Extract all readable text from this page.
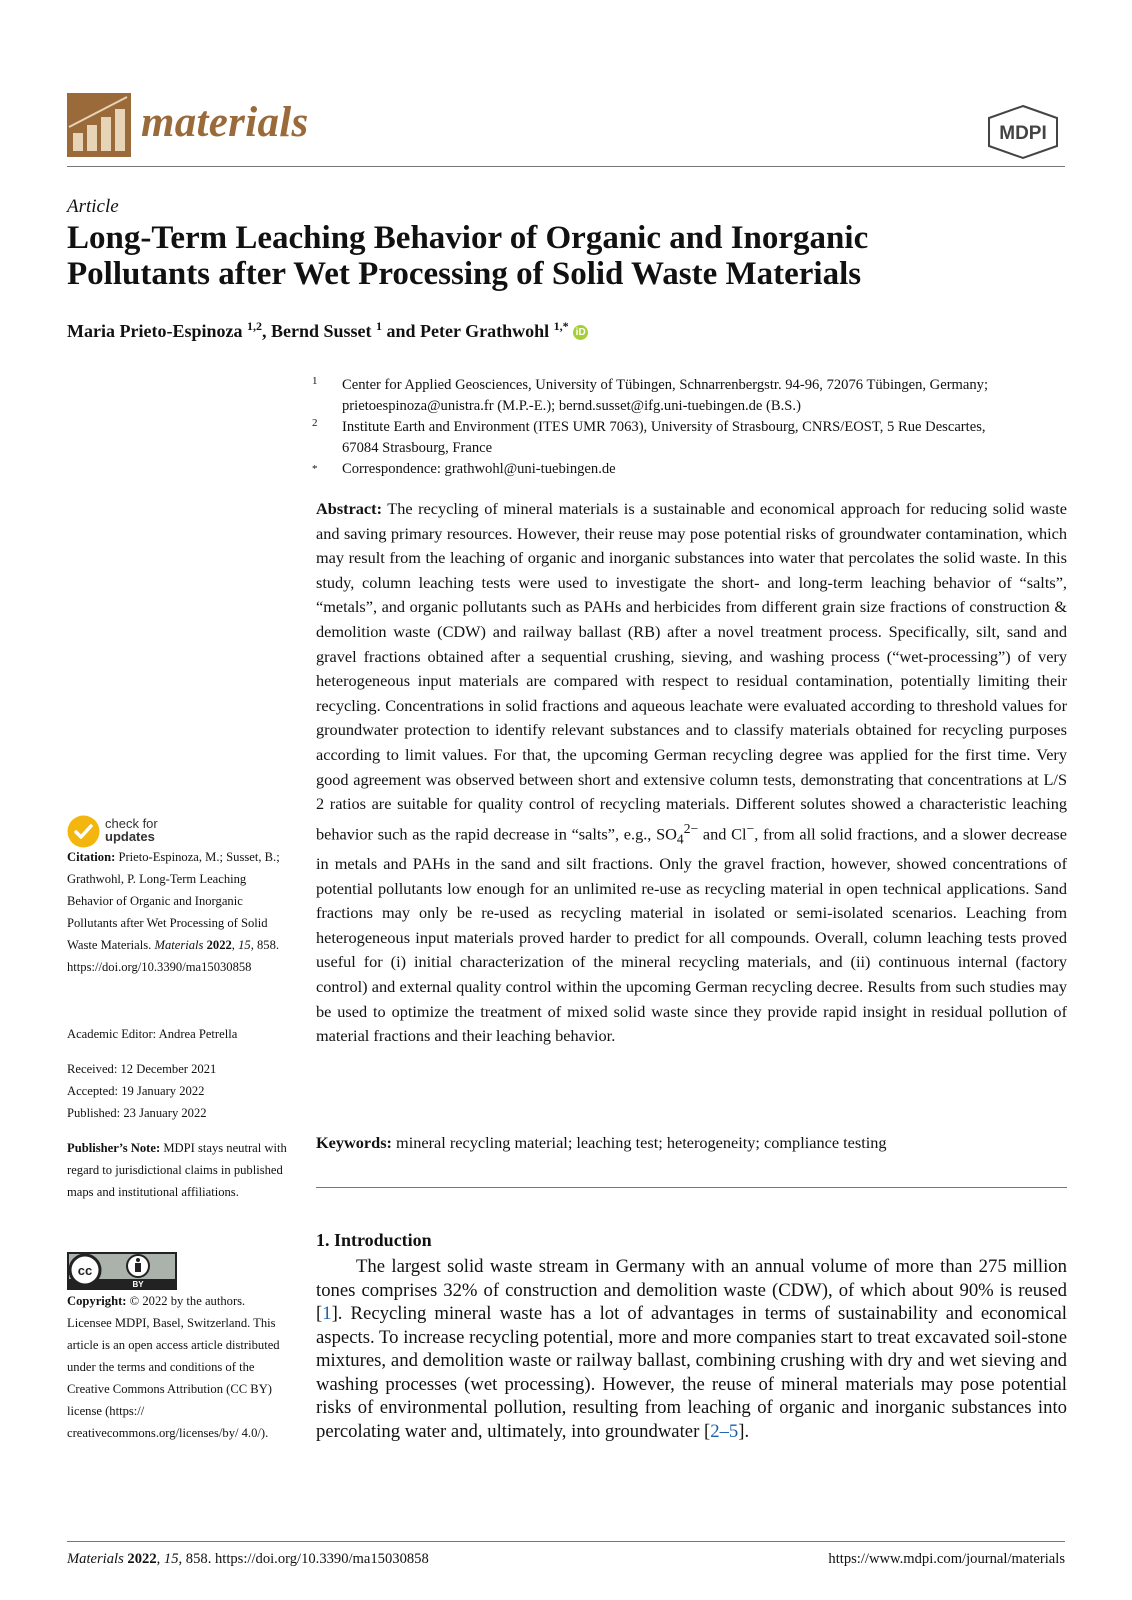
materials	MDPI
Article
Long-Term Leaching Behavior of Organic and Inorganic
Pollutants after Wet Processing of Solid Waste Materials
Maria Prieto-Espinoza $^{1,2}$, Bernd Susset $^1$ and Peter Grathwohl $^{1,*}$ iD
1 Center for Applied Geosciences, University of Tübingen, Schnarrenbergstr. 94-96, 72076 Tübingen, Germany;
prietoespinoza@unistra.fr (M.P.-E.); bernd.susset@ifg.uni-tuebingen.de (B.S.)
2 Institute Earth and Environment (ITES UMR 7063), University of Strasbourg, CNRS/EOST, 5 Rue Descartes,
67084 Strasbourg, France
* Correspondence: grathwohl@uni-tuebingen.de
Abstract: The recycling of mineral materials is a sustainable and economical approach for reducing solid waste and saving primary resources. However, their reuse may pose potential risks of groundwater contamination, which may result from the leaching of organic and inorganic substances into water that percolates the solid waste. In this study, column leaching tests were used to investigate the short- and long-term leaching behavior of “salts”, “metals”, and organic pollutants such as PAHs and herbicides from different grain size fractions of construction & demolition waste (CDW) and railway ballast (RB) after a novel treatment process. Specifically, silt, sand and gravel fractions obtained after a sequential crushing, sieving, and washing process (“wet-processing”) of very heterogeneous input materials are compared with respect to residual contamination, potentially limiting their recycling. Concentrations in solid fractions and aqueous leachate were evaluated according to threshold values for groundwater protection to identify relevant substances and to classify materials obtained for recycling purposes according to limit values. For that, the upcoming German recycling degree was applied for the first time. Very good agreement was observed between short and extensive column tests, demonstrating that concentrations at L/S 2 ratios are suitable for quality control of recycling materials. Different solutes showed a characteristic leaching behavior such as the rapid decrease in “salts”, e.g., $SO_4^{2-}$ and Cl−, from all solid fractions, and a slower decrease in metals and PAHs in the sand and silt fractions. Only the gravel fraction, however, showed concentrations of potential pollutants low enough for an unlimited re-use as recycling material in open technical applications. Sand fractions may only be re-used as recycling material in isolated or semi-isolated scenarios. Leaching from heterogeneous input materials proved harder to predict for all compounds. Overall, column leaching tests proved useful for (i) initial characterization of the mineral recycling materials, and (ii) continuous internal (factory control) and external quality control within the upcoming German recycling decree. Results from such studies may be used to optimize the treatment of mixed solid waste since they provide rapid insight in residual pollution of material fractions and their leaching behavior.
Keywords: mineral recycling material; leaching test; heterogeneity; compliance testing
1. Introduction
The largest solid waste stream in Germany with an annual volume of more than 275 million tones comprises 32% of construction and demolition waste (CDW), of which about 90% is reused [1]. Recycling mineral waste has a lot of advantages in terms of sustainability and economical aspects. To increase recycling potential, more and more companies start to treat excavated soil-stone mixtures, and demolition waste or railway ballast, combining crushing with dry and wet sieving and washing processes (wet processing). However, the reuse of mineral materials may pose potential risks of environmental pollution, resulting from leaching of organic and inorganic substances into percolating water and, ultimately, into groundwater [2–5].
check for
updates
Citation: Prieto-Espinoza, M.; Susset, B.; Grathwohl, P. Long-Term Leaching Behavior of Organic and Inorganic Pollutants after Wet Processing of Solid Waste Materials. Materials 2022, 15, 858. https://doi.org/10.3390/ma15030858
Academic Editor: Andrea Petrella
Received: 12 December 2021
Accepted: 19 January 2022
Published: 23 January 2022
Publisher’s Note: MDPI stays neutral with regard to jurisdictional claims in published maps and institutional affiliations.
cc
BY
Copyright: © 2022 by the authors. Licensee MDPI, Basel, Switzerland. This article is an open access article distributed under the terms and conditions of the Creative Commons Attribution (CC BY) license (https:// creativecommons.org/licenses/by/ 4.0/).
Materials 2022, 15, 858. https://doi.org/10.3390/ma15030858	https://www.mdpi.com/journal/materials
